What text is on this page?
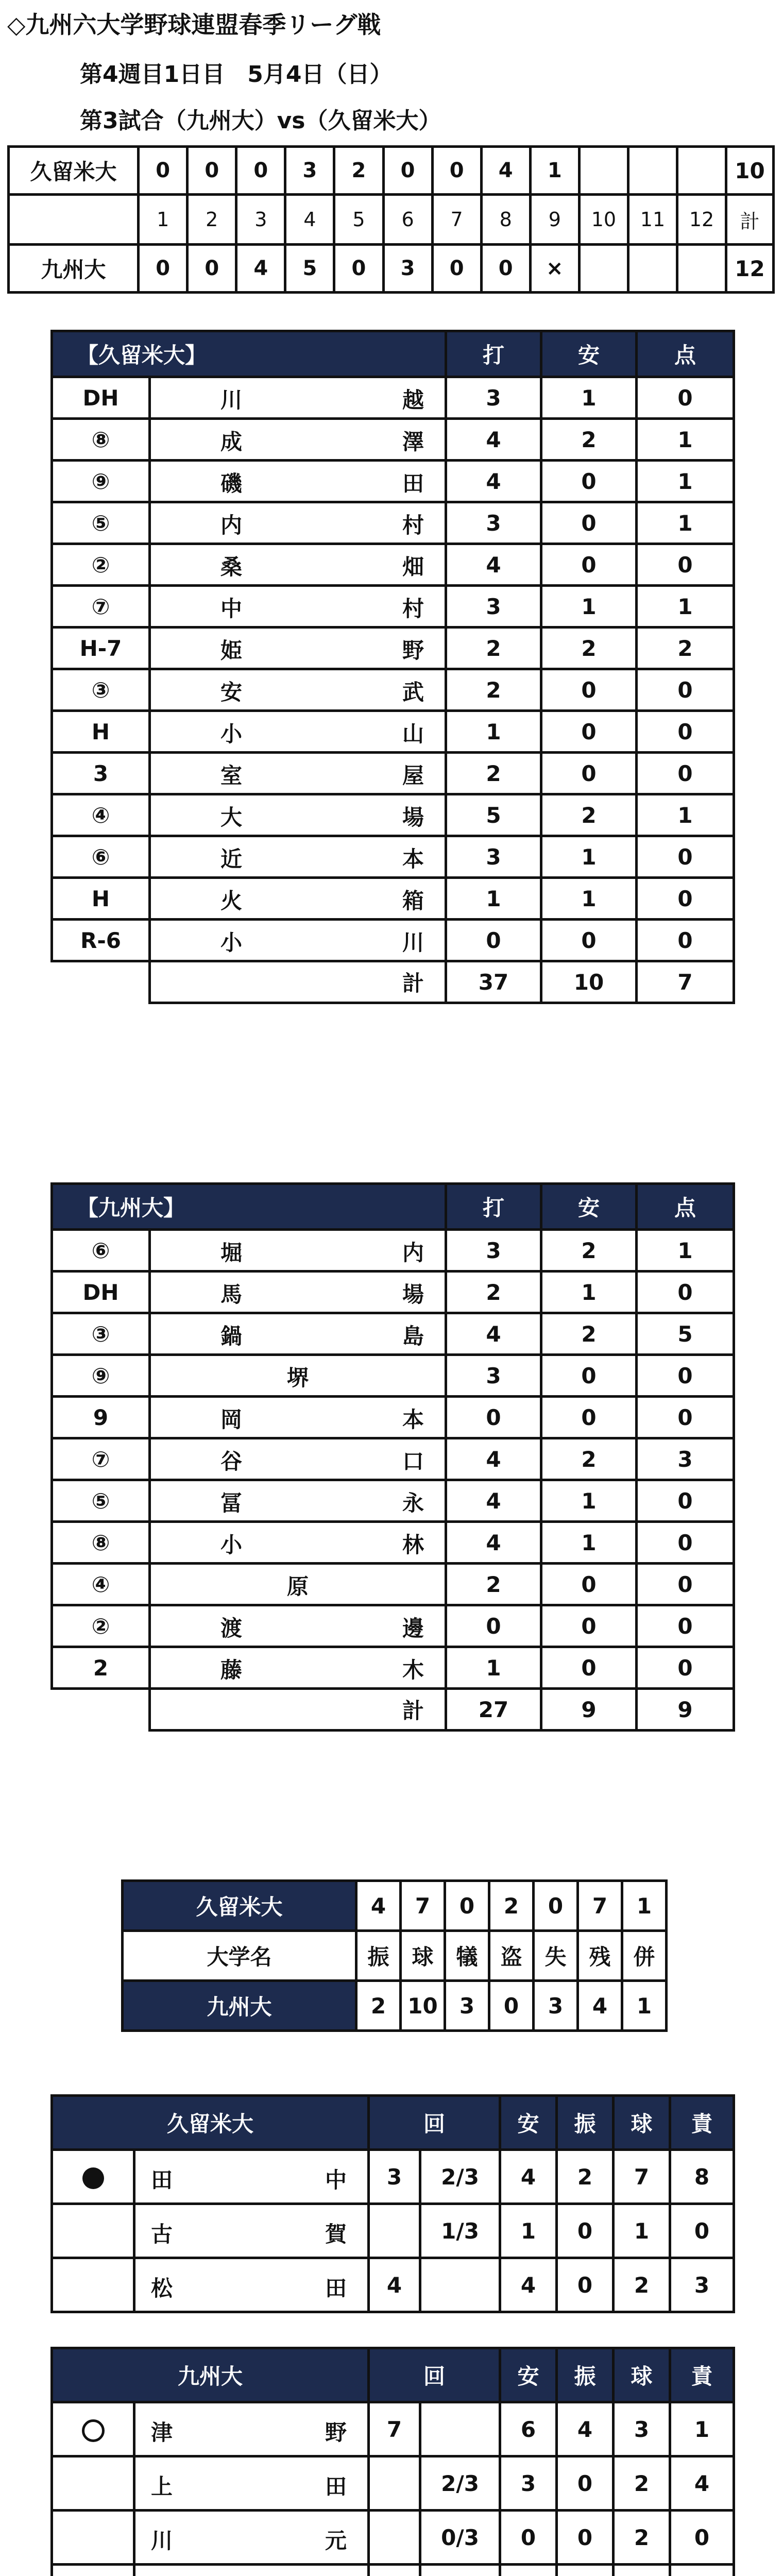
◇九州六大学野球連盟春季リーグ戦
第4週目1日目　5月4日（日）
第3試合（九州大）vs（久留米大）
久留米大	0	0	0	3	2	0	0	4	1				10
	1	2	3	4	5	6	7	8	9	10	11	12	計
九州大	0	0	4	5	0	3	0	0	×				12
【久留米大】		打	安	点
DH	川 越	3	1	0
⑧	成 澤	4	2	1
⑨	磯 田	4	0	1
⑤	内 村	3	0	1
②	桑 畑	4	0	0
⑦	中 村	3	1	1
H-7	姫 野	2	2	2
③	安 武	2	0	0
H	小 山	1	0	0
3	室 屋	2	0	0
④	大 場	5	2	1
⑥	近 本	3	1	0
H	火 箱	1	1	0
R-6	小 川	0	0	0
	計	37	10	7
【九州大】		打	安	点
⑥	堀 内	3	2	1
DH	馬 場	2	1	0
③	鍋 島	4	2	5
⑨	堺	3	0	0
9	岡 本	0	0	0
⑦	谷 口	4	2	3
⑤	冨 永	4	1	0
⑧	小 林	4	1	0
④	原	2	0	0
②	渡 邊	0	0	0
2	藤 木	1	0	0
	計	27	9	9
久留米大	4	7	0	2	0	7	1
大学名	振	球	犠	盗	失	残	併
九州大	2	10	3	0	3	4	1
久留米大		回		安	振	球	責

	田 中	3	2/3	4	2	7	8

	古 賀		1/3	1	0	1	0

	松 田	4		4	0	2	3
九州大		回		安	振	球	責

	津 野	7		6	4	3	1

	上 田		2/3	3	0	2	4

	川 元		0/3	0	0	2	0
